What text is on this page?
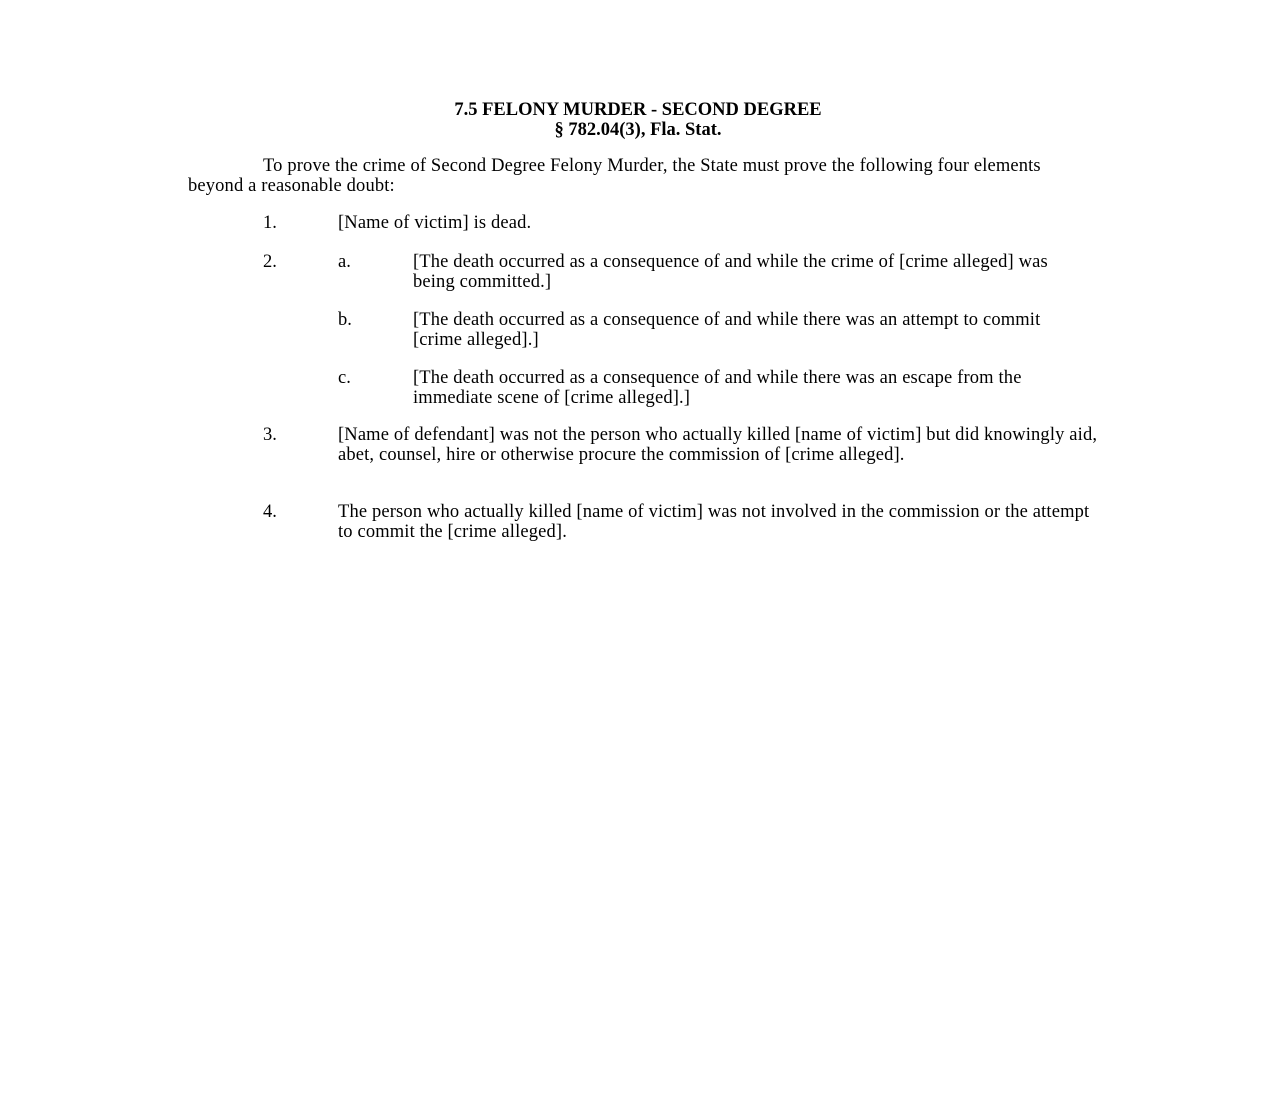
7.5 FELONY MURDER - SECOND DEGREE
§ 782.04(3), Fla. Stat.
To prove the crime of Second Degree Felony Murder, the State must prove the following four elements beyond a reasonable doubt:
1.	[Name of victim] is dead.
2.	a.	[The death occurred as a consequence of and while the crime of [crime alleged] was being committed.]
b.	[The death occurred as a consequence of and while there was an attempt to commit [crime alleged].]
c.	[The death occurred as a consequence of and while there was an escape from the immediate scene of [crime alleged].]
3.	[Name of defendant] was not the person who actually killed [name of victim] but did knowingly aid, abet, counsel, hire or otherwise procure the commission of [crime alleged].
4.	The person who actually killed [name of victim] was not involved in the commission or the attempt to commit the [crime alleged].
